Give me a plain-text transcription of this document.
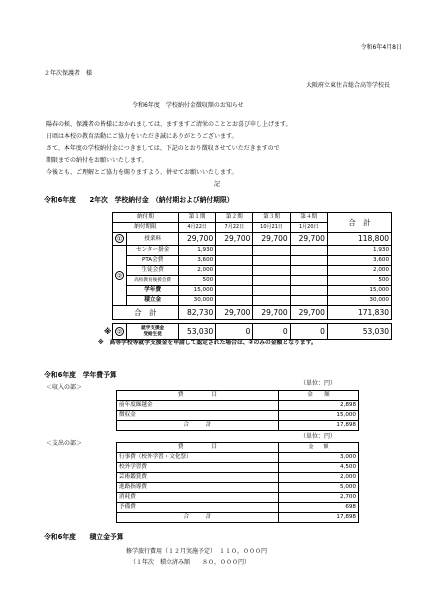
令和6年4月8日
２年次保護者　様
大阪府立東住吉総合高等学校長
令和6年度　学校納付金徴収額のお知らせ
陽春の候、保護者の皆様におかれましては、ますますご清栄のこととお喜び申し上げます。
日頃は本校の教育活動にご協力をいただき誠にありがとうございます。
さて、本年度の学校納付金につきましては、下記のとおり徴収させていただきますので
期限までの納付をお願いいたします。
今後とも、ご理解とご協力を賜りますよう、併せてお願いいたします。
記
令和6年度　　2年次　学校納付金　（納付期および納付期限）
	納付期		第１期	第２期	第３期	第４期	合　計
	納付期限		4月22日	7月22日	10月21日	1月20日	
	①	授業料	29,700	29,700	29,700	29,700	118,800
	②	センター掛金	1,930				1,930
		PTA会費	3,600				3,600
		生徒会費	2,000				2,000
		高校教育後援会費	500				500
		学年費	15,000				15,000
		積立金	30,000				30,000
	合　計		82,730	29,700	29,700	29,700	171,830

※	②	就学支援金
受給生徒	53,030	0	0	0	53,030
※　高等学校等就学支援金を申請して認定された場合は、②のみの金額となります。
令和6年度　学年費予算
＜収入の部＞
（単位：円）
費　　　　　目	金　　額
前年度繰越金	2,898
徴収金	15,000
合　　　計	17,898
＜支出の部＞
（単位：円）
費　　　　　目	金　　額
行事費（校外学習・文化祭）	3,000
校外学習費	4,500
芸術鑑賞費	2,000
進路指導費	5,000
消耗費	2,700
予備費	698
合　　　計	17,898
令和6年度　　積立金予算
修学旅行費用（１２月実施予定）　１１０，０００円
（１年次　積立済み額　　８０，０００円）
